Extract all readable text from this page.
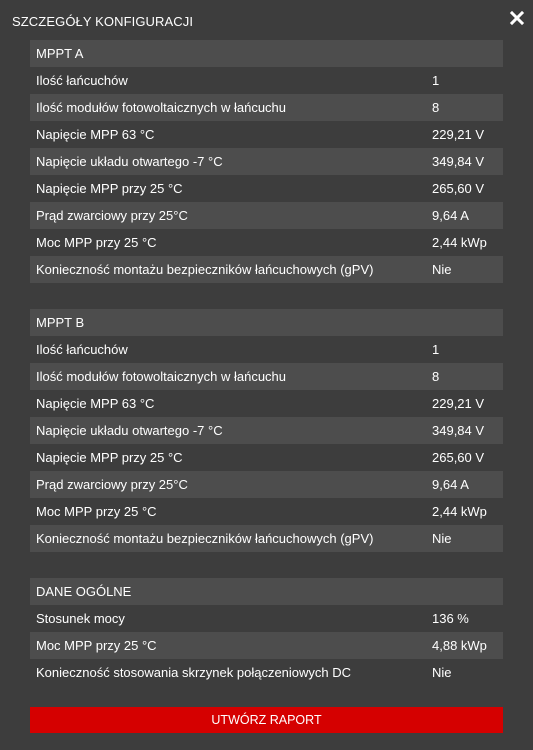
SZCZEGÓŁY KONFIGURACJI
MPPT A
Ilość łańcuchów	1
Ilość modułów fotowoltaicznych w łańcuchu	8
Napięcie MPP 63 °C	229,21 V
Napięcie układu otwartego -7 °C	349,84 V
Napięcie MPP przy 25 °C	265,60 V
Prąd zwarciowy przy 25°C	9,64 A
Moc MPP przy 25 °C	2,44 kWp
Konieczność montażu bezpieczników łańcuchowych (gPV)	Nie
MPPT B
Ilość łańcuchów	1
Ilość modułów fotowoltaicznych w łańcuchu	8
Napięcie MPP 63 °C	229,21 V
Napięcie układu otwartego -7 °C	349,84 V
Napięcie MPP przy 25 °C	265,60 V
Prąd zwarciowy przy 25°C	9,64 A
Moc MPP przy 25 °C	2,44 kWp
Konieczność montażu bezpieczników łańcuchowych (gPV)	Nie
DANE OGÓLNE
Stosunek mocy	136 %
Moc MPP przy 25 °C	4,88 kWp
Konieczność stosowania skrzynek połączeniowych DC	Nie
UTWÓRZ RAPORT
